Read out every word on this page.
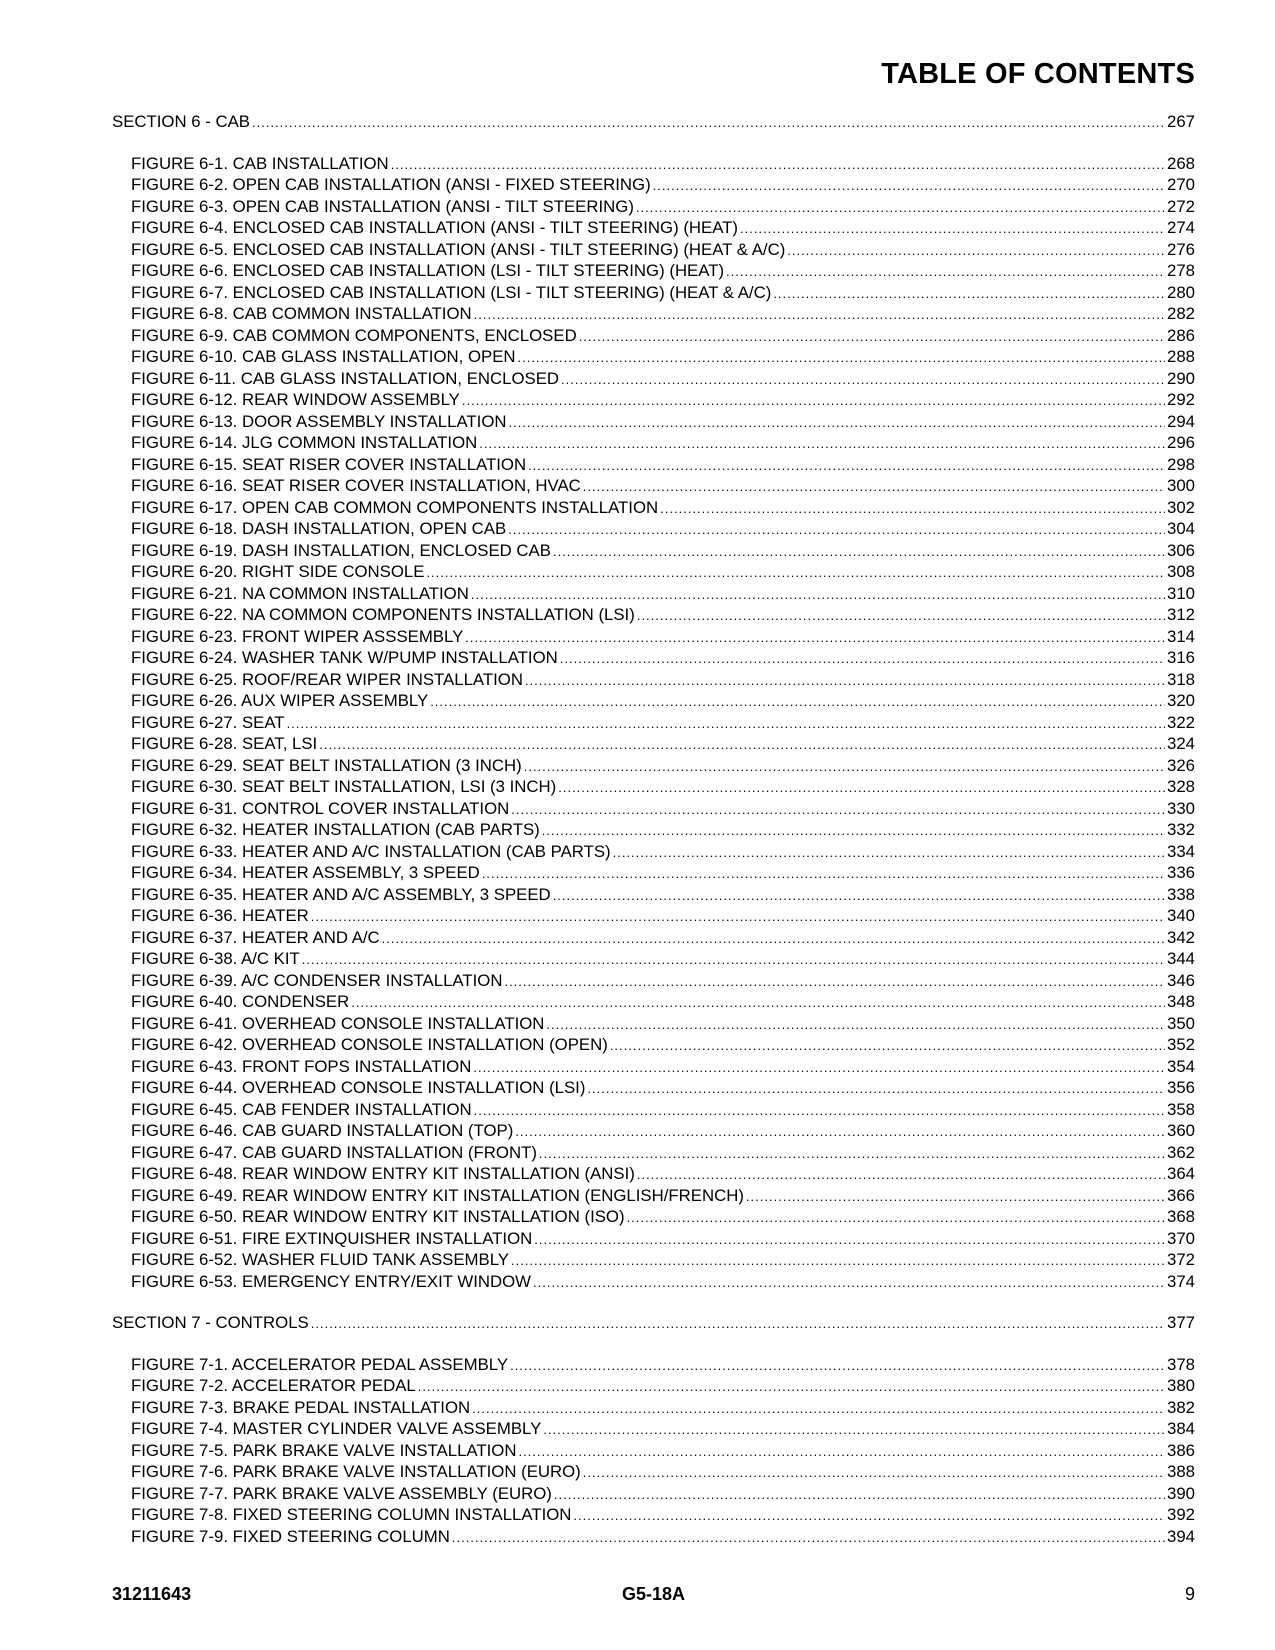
TABLE OF CONTENTS
SECTION 6 - CAB .....	267
FIGURE 6-1. CAB INSTALLATION .....	268
FIGURE 6-2. OPEN CAB INSTALLATION (ANSI - FIXED STEERING) .....	270
FIGURE 6-3. OPEN CAB INSTALLATION (ANSI - TILT STEERING) .....	272
FIGURE 6-4. ENCLOSED CAB INSTALLATION (ANSI - TILT STEERING) (HEAT) .....	274
FIGURE 6-5. ENCLOSED CAB INSTALLATION (ANSI - TILT STEERING) (HEAT & A/C) .....	276
FIGURE 6-6. ENCLOSED CAB INSTALLATION (LSI - TILT STEERING) (HEAT) .....	278
FIGURE 6-7. ENCLOSED CAB INSTALLATION (LSI - TILT STEERING) (HEAT & A/C) .....	280
FIGURE 6-8. CAB COMMON INSTALLATION .....	282
FIGURE 6-9. CAB COMMON COMPONENTS, ENCLOSED .....	286
FIGURE 6-10. CAB GLASS INSTALLATION, OPEN .....	288
FIGURE 6-11. CAB GLASS INSTALLATION, ENCLOSED .....	290
FIGURE 6-12. REAR WINDOW ASSEMBLY .....	292
FIGURE 6-13. DOOR ASSEMBLY INSTALLATION .....	294
FIGURE 6-14. JLG COMMON INSTALLATION .....	296
FIGURE 6-15. SEAT RISER COVER INSTALLATION .....	298
FIGURE 6-16. SEAT RISER COVER INSTALLATION, HVAC .....	300
FIGURE 6-17. OPEN CAB COMMON COMPONENTS INSTALLATION .....	302
FIGURE 6-18. DASH INSTALLATION, OPEN CAB .....	304
FIGURE 6-19. DASH INSTALLATION, ENCLOSED CAB .....	306
FIGURE 6-20. RIGHT SIDE CONSOLE .....	308
FIGURE 6-21. NA COMMON INSTALLATION .....	310
FIGURE 6-22. NA COMMON COMPONENTS INSTALLATION (LSI) .....	312
FIGURE 6-23. FRONT WIPER ASSSEMBLY .....	314
FIGURE 6-24. WASHER TANK W/PUMP INSTALLATION .....	316
FIGURE 6-25. ROOF/REAR WIPER INSTALLATION .....	318
FIGURE 6-26. AUX WIPER ASSEMBLY .....	320
FIGURE 6-27. SEAT .....	322
FIGURE 6-28. SEAT, LSI .....	324
FIGURE 6-29. SEAT BELT INSTALLATION (3 INCH) .....	326
FIGURE 6-30. SEAT BELT INSTALLATION, LSI (3 INCH) .....	328
FIGURE 6-31. CONTROL COVER INSTALLATION .....	330
FIGURE 6-32. HEATER INSTALLATION (CAB PARTS) .....	332
FIGURE 6-33. HEATER AND A/C INSTALLATION (CAB PARTS) .....	334
FIGURE 6-34. HEATER ASSEMBLY, 3 SPEED .....	336
FIGURE 6-35. HEATER AND A/C ASSEMBLY, 3 SPEED .....	338
FIGURE 6-36. HEATER .....	340
FIGURE 6-37. HEATER AND A/C .....	342
FIGURE 6-38. A/C KIT .....	344
FIGURE 6-39. A/C CONDENSER INSTALLATION .....	346
FIGURE 6-40. CONDENSER .....	348
FIGURE 6-41. OVERHEAD CONSOLE INSTALLATION .....	350
FIGURE 6-42. OVERHEAD CONSOLE INSTALLATION (OPEN) .....	352
FIGURE 6-43. FRONT FOPS INSTALLATION .....	354
FIGURE 6-44. OVERHEAD CONSOLE INSTALLATION (LSI) .....	356
FIGURE 6-45. CAB FENDER INSTALLATION .....	358
FIGURE 6-46. CAB GUARD INSTALLATION (TOP) .....	360
FIGURE 6-47. CAB GUARD INSTALLATION (FRONT) .....	362
FIGURE 6-48. REAR WINDOW ENTRY KIT INSTALLATION (ANSI) .....	364
FIGURE 6-49. REAR WINDOW ENTRY KIT INSTALLATION (ENGLISH/FRENCH) .....	366
FIGURE 6-50. REAR WINDOW ENTRY KIT INSTALLATION (ISO) .....	368
FIGURE 6-51. FIRE EXTINQUISHER INSTALLATION .....	370
FIGURE 6-52. WASHER FLUID TANK ASSEMBLY .....	372
FIGURE 6-53. EMERGENCY ENTRY/EXIT WINDOW .....	374
SECTION 7 - CONTROLS .....	377
FIGURE 7-1. ACCELERATOR PEDAL ASSEMBLY .....	378
FIGURE 7-2. ACCELERATOR PEDAL .....	380
FIGURE 7-3. BRAKE PEDAL INSTALLATION .....	382
FIGURE 7-4. MASTER CYLINDER VALVE ASSEMBLY .....	384
FIGURE 7-5. PARK BRAKE VALVE INSTALLATION .....	386
FIGURE 7-6. PARK BRAKE VALVE INSTALLATION (EURO) .....	388
FIGURE 7-7. PARK BRAKE VALVE ASSEMBLY (EURO) .....	390
FIGURE 7-8. FIXED STEERING COLUMN INSTALLATION .....	392
FIGURE 7-9. FIXED STEERING COLUMN .....	394
31211643	G5-18A	9
